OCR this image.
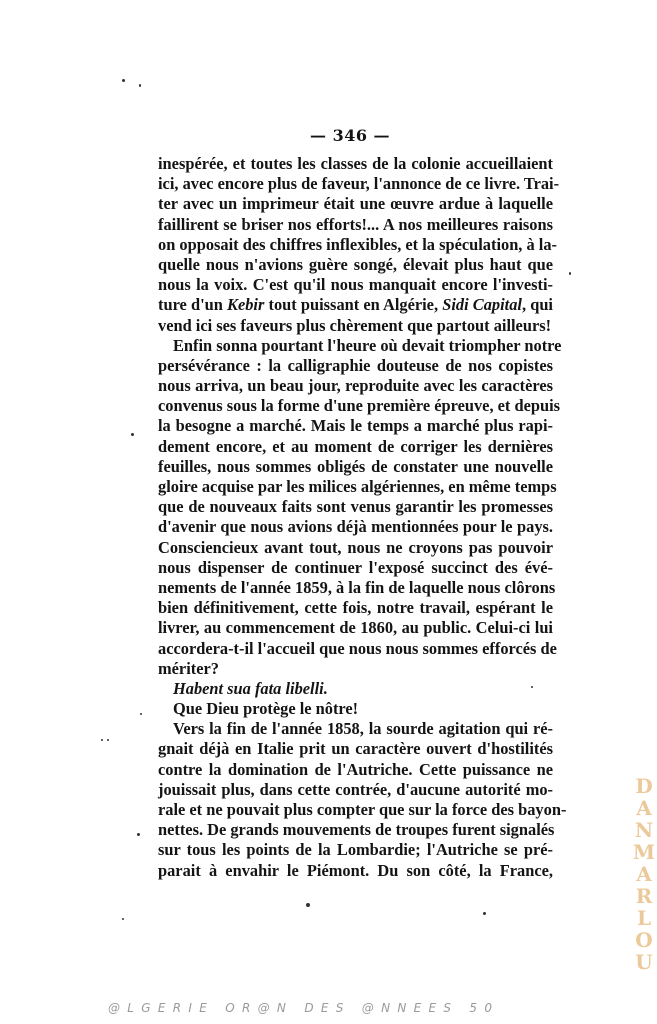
— 346 —
inespérée, et toutes les classes de la colonie accueillaient
ici, avec encore plus de faveur, l'annonce de ce livre. Trai-
ter avec un imprimeur était une œuvre ardue à laquelle
faillirent se briser nos efforts!... A nos meilleures raisons
on opposait des chiffres inflexibles, et la spéculation, à la-
quelle nous n'avions guère songé, élevait plus haut que
nous la voix. C'est qu'il nous manquait encore l'investi-
ture d'un Kebir tout puissant en Algérie, Sidi Capital, qui
vend ici ses faveurs plus chèrement que partout ailleurs!
Enfin sonna pourtant l'heure où devait triompher notre
persévérance : la calligraphie douteuse de nos copistes
nous arriva, un beau jour, reproduite avec les caractères
convenus sous la forme d'une première épreuve, et depuis
la besogne a marché. Mais le temps a marché plus rapi-
dement encore, et au moment de corriger les dernières
feuilles, nous sommes obligés de constater une nouvelle
gloire acquise par les milices algériennes, en même temps
que de nouveaux faits sont venus garantir les promesses
d'avenir que nous avions déjà mentionnées pour le pays.
Consciencieux avant tout, nous ne croyons pas pouvoir
nous dispenser de continuer l'exposé succinct des évé-
nements de l'année 1859, à la fin de laquelle nous clôrons
bien définitivement, cette fois, notre travail, espérant le
livrer, au commencement de 1860, au public. Celui-ci lui
accordera-t-il l'accueil que nous nous sommes efforcés de
mériter?
Habent sua fata libelli.
Que Dieu protège le nôtre!
Vers la fin de l'année 1858, la sourde agitation qui ré-
gnait déjà en Italie prit un caractère ouvert d'hostilités
contre la domination de l'Autriche. Cette puissance ne
jouissait plus, dans cette contrée, d'aucune autorité mo-
rale et ne pouvait plus compter que sur la force des bayon-
nettes. De grands mouvements de troupes furent signalés
sur tous les points de la Lombardie; l'Autriche se pré-
parait à envahir le Piémont. Du son côté, la France,
D
A
N
M
A
R
L
O
U
@LGERIE OR@N DES @NNEES 50
